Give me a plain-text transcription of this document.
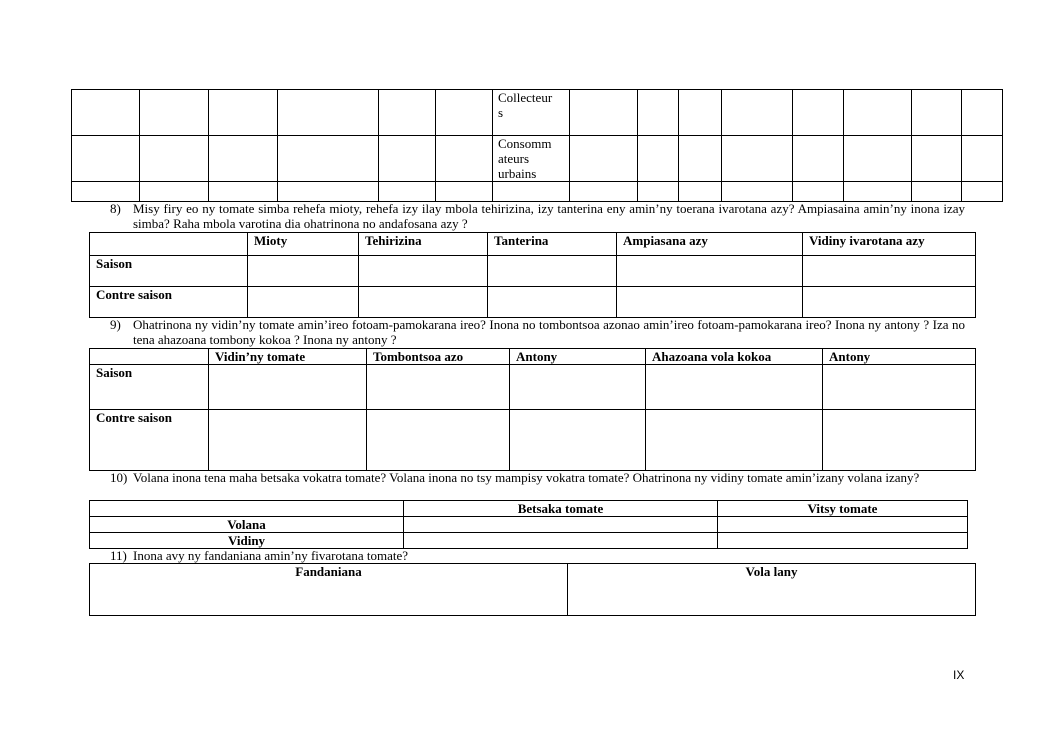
						Collecteur
s								
						Consomm
ateurs
urbains								

8) Misy firy eo ny tomate simba rehefa mioty, rehefa izy ilay mbola tehirizina, izy tanterina eny amin’ny toerana ivarotana azy? Ampiasaina amin’ny inona izay simba? Raha mbola varotina dia ohatrinona no andafosana azy ?
	Mioty	Tehirizina	Tanterina	Ampiasana azy	Vidiny ivarotana azy
Saison					
Contre saison					
9) Ohatrinona ny vidin’ny tomate amin’ireo fotoam-pamokarana ireo? Inona no tombontsoa azonao amin’ireo fotoam-pamokarana ireo? Inona ny antony ? Iza no tena ahazoana tombony kokoa ? Inona ny antony ?
	Vidin’ny tomate	Tombontsoa azo	Antony	Ahazoana vola kokoa	Antony
Saison					
Contre saison					
10) Volana inona tena maha betsaka vokatra tomate? Volana inona no tsy mampisy vokatra tomate? Ohatrinona ny vidiny tomate amin’izany volana izany?
	Betsaka tomate	Vitsy tomate
Volana		
Vidiny		
11) Inona avy ny fandaniana amin’ny fivarotana tomate?
Fandaniana	Vola lany
IX
